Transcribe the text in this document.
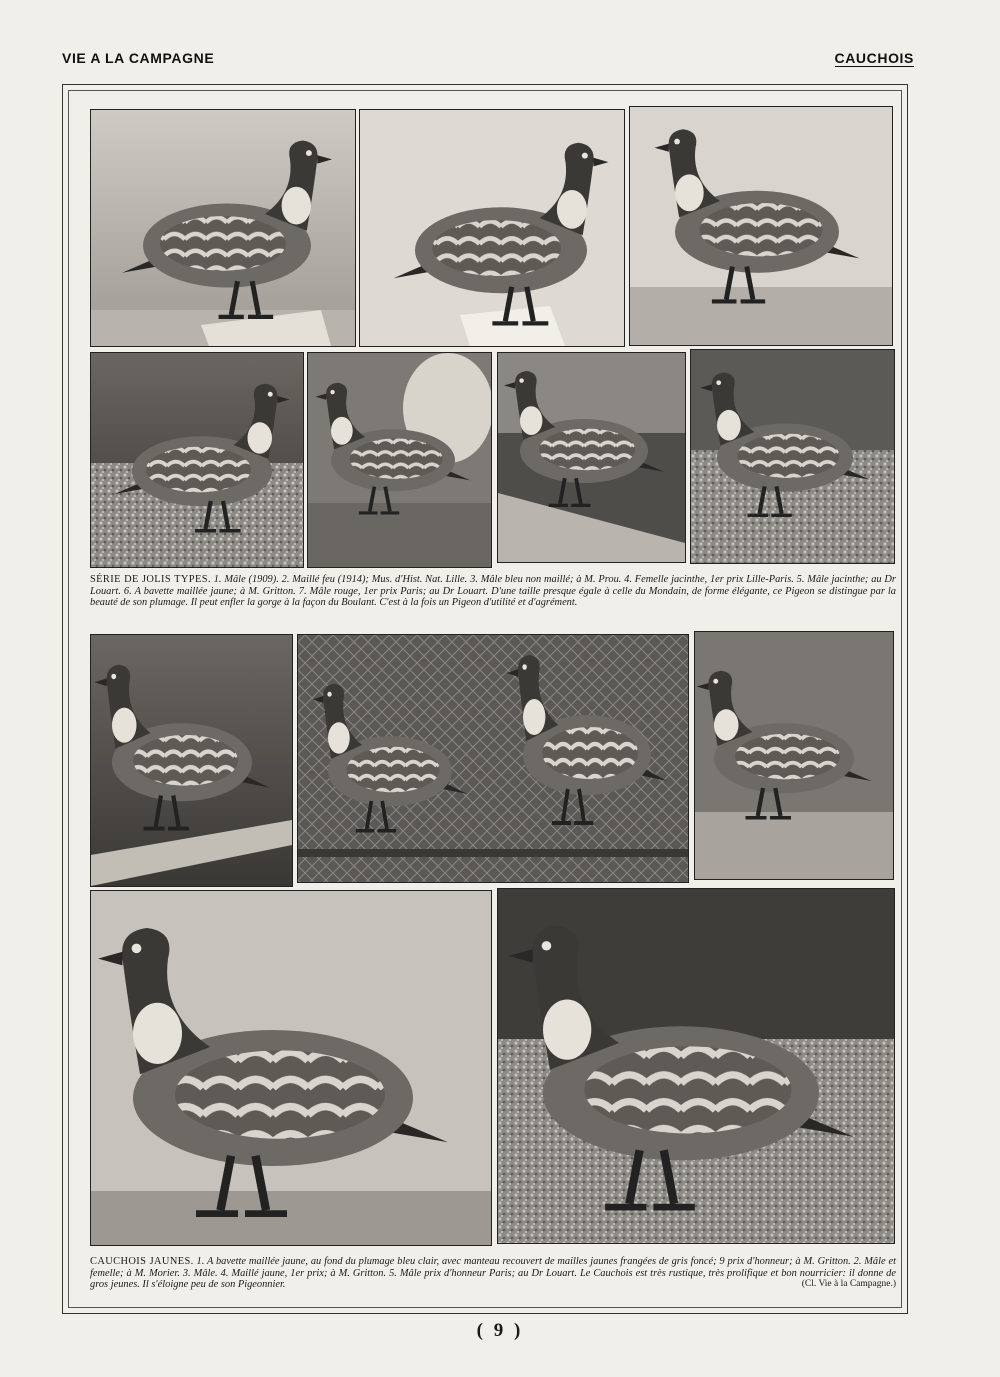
VIE A LA CAMPAGNE	CAUCHOIS
SÉRIE DE JOLIS TYPES. 1. Mâle (1909). 2. Maillé feu (1914); Mus. d'Hist. Nat. Lille. 3. Mâle bleu non maillé; à M. Prou. 4. Femelle jacinthe, 1er prix Lille-Paris. 5. Mâle jacinthe; au Dr Louart. 6. A bavette maillée jaune; à M. Gritton. 7. Mâle rouge, 1er prix Paris; au Dr Louart. D'une taille presque égale à celle du Mondain, de forme élégante, ce Pigeon se distingue par la beauté de son plumage. Il peut enfler la gorge à la façon du Boulant. C'est à la fois un Pigeon d'utilité et d'agrément.
CAUCHOIS JAUNES. 1. A bavette maillée jaune, au fond du plumage bleu clair, avec manteau recouvert de mailles jaunes frangées de gris foncé; 9 prix d'honneur; à M. Gritton. 2. Mâle et femelle; à M. Morier. 3. Mâle. 4. Maillé jaune, 1er prix; à M. Gritton. 5. Mâle prix d'honneur Paris; au Dr Louart. Le Cauchois est très rustique, très prolifique et bon nourricier: il donne de gros jeunes. Il s'éloigne peu de son Pigeonnier.	(Cl. Vie à la Campagne.)
( 9 )
